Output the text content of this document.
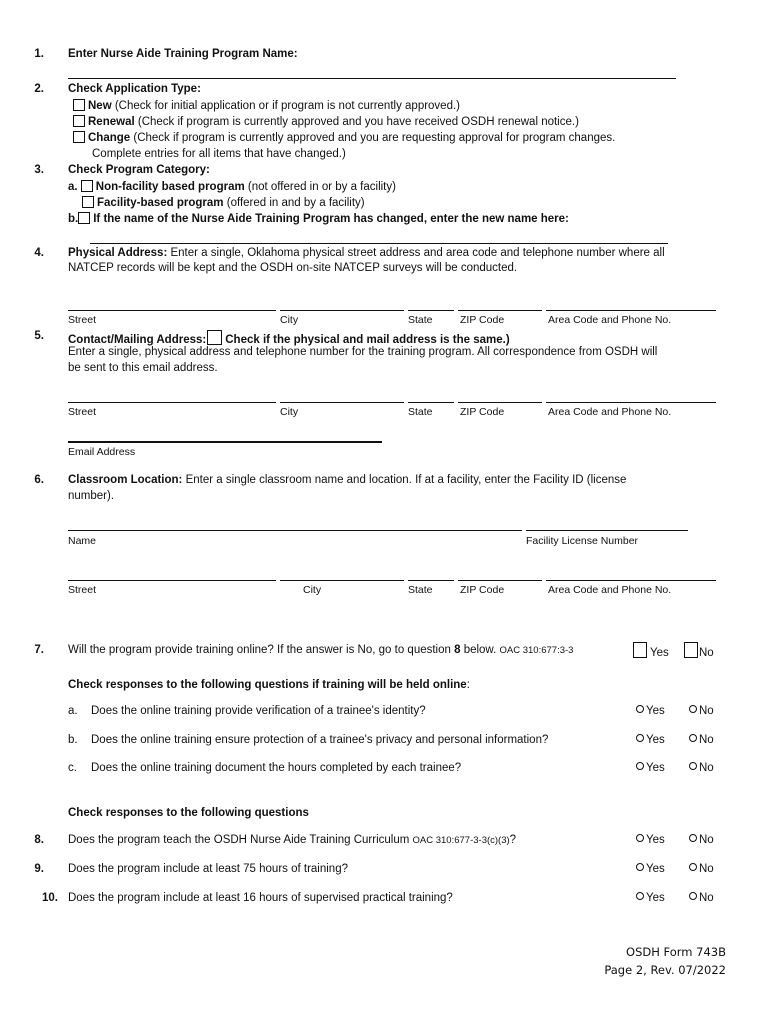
1. Enter Nurse Aide Training Program Name:
2. Check Application Type:
New (Check for initial application or if program is not currently approved.)
Renewal (Check if program is currently approved and you have received OSDH renewal notice.)
Change (Check if program is currently approved and you are requesting approval for program changes.
Complete entries for all items that have changed.)
3. Check Program Category:
a. Non-facility based program (not offered in or by a facility)
Facility-based program (offered in and by a facility)
b. If the name of the Nurse Aide Training Program has changed, enter the new name here:
4. Physical Address: Enter a single, Oklahoma physical street address and area code and telephone number where all
NATCEP records will be kept and the OSDH on-site NATCEP surveys will be conducted.
Street	City	State	ZIP Code	Area Code and Phone No.
5. Contact/Mailing Address: Check if the physical and mail address is the same.)
Enter a single, physical address and telephone number for the training program. All correspondence from OSDH will
be sent to this email address.
Street	City	State	ZIP Code	Area Code and Phone No.
Email Address
6. Classroom Location: Enter a single classroom name and location. If at a facility, enter the Facility ID (license
number).
Name	Facility License Number
Street	City	State	ZIP Code	Area Code and Phone No.
7. Will the program provide training online? If the answer is No, go to question 8 below. OAC 310:677:3-3	Yes	No
Check responses to the following questions if training will be held online:
a. Does the online training provide verification of a trainee's identity?	Yes	No
b. Does the online training ensure protection of a trainee's privacy and personal information?	Yes	No
c. Does the online training document the hours completed by each trainee?	Yes	No
Check responses to the following questions
8. Does the program teach the OSDH Nurse Aide Training Curriculum OAC 310:677-3-3(c)(3)?	Yes	No
9. Does the program include at least 75 hours of training?	Yes	No
10. Does the program include at least 16 hours of supervised practical training?	Yes	No
OSDH Form 743B
Page 2, Rev. 07/2022
